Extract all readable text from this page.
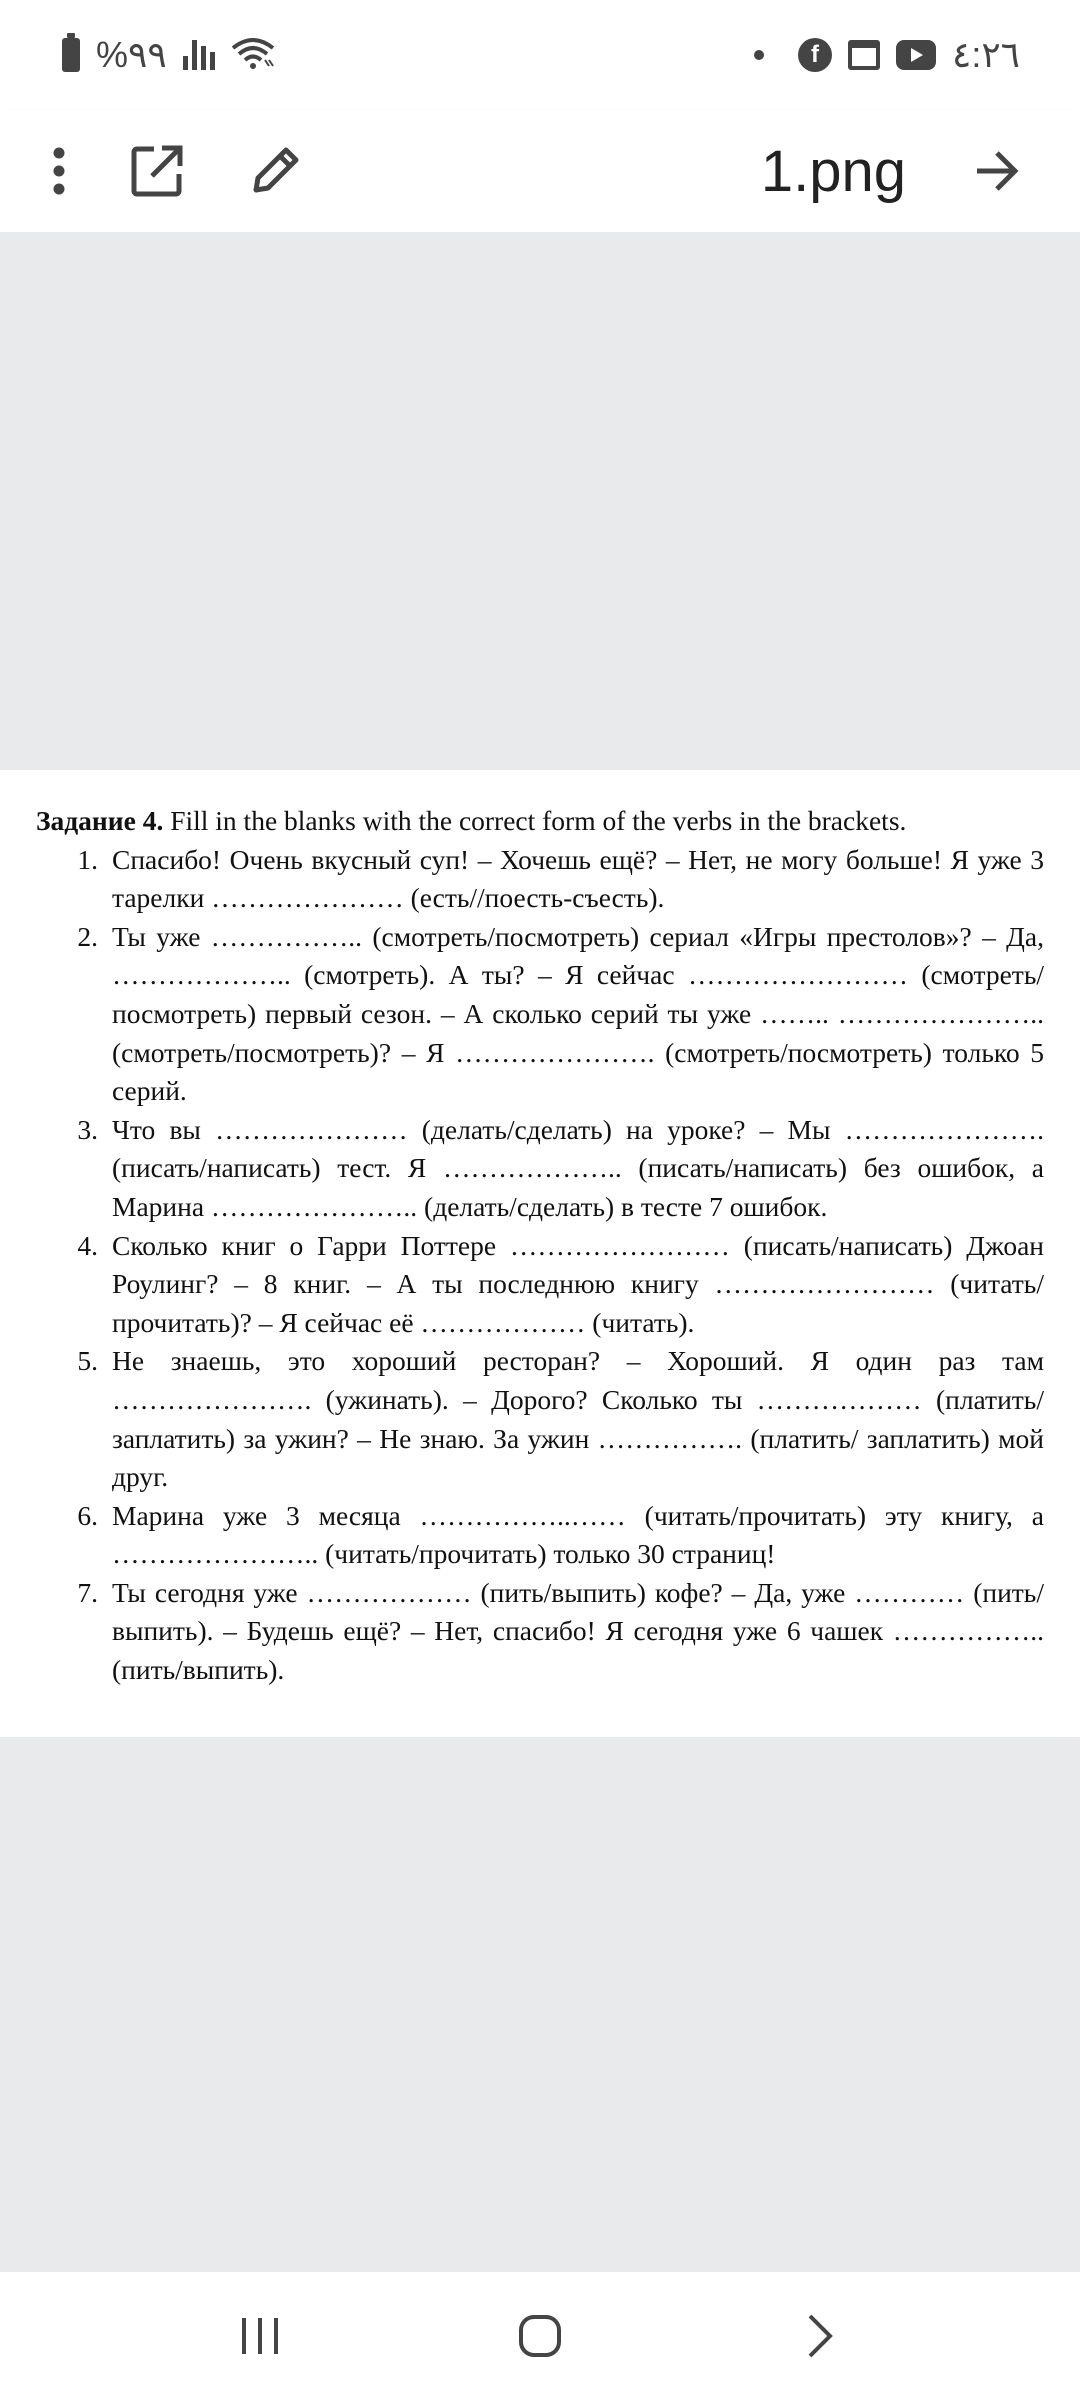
%٩٩	f	٤:٢٦
1.png
Задание 4. Fill in the blanks with the correct form of the verbs in the brackets.
1. Спасибо! Очень вкусный суп! – Хочешь ещё? – Нет, не могу больше! Я уже 3 тарелки ………………… (есть//поесть-съесть).
2. Ты уже …………….. (смотреть/посмотреть) сериал «Игры престолов»? – Да, ……………….. (смотреть). А ты? – Я сейчас …………………… (смотреть/посмотреть) первый сезон. – А сколько серий ты уже …….. ………………….. (смотреть/посмотреть)? – Я …………………. (смотреть/посмотреть) только 5 серий.
3. Что вы ………………… (делать/сделать) на уроке? – Мы …………………. (писать/написать) тест. Я ……………….. (писать/написать) без ошибок, а Марина ………………….. (делать/сделать) в тесте 7 ошибок.
4. Сколько книг о Гарри Поттере …………………… (писать/написать) Джоан Роулинг? – 8 книг. – А ты последнюю книгу …………………… (читать/прочитать)? – Я сейчас её ……………… (читать).
5. Не знаешь, это хороший ресторан? – Хороший. Я один раз там …………………. (ужинать). – Дорого? Сколько ты ……………… (платить/заплатить) за ужин? – Не знаю. За ужин ……………. (платить/ заплатить) мой друг.
6. Марина уже 3 месяца ……………..…… (читать/прочитать) эту книгу, а ………………….. (читать/прочитать) только 30 страниц!
7. Ты сегодня уже ……………… (пить/выпить) кофе? – Да, уже ………… (пить/выпить). – Будешь ещё? – Нет, спасибо! Я сегодня уже 6 чашек …………….. (пить/выпить).
